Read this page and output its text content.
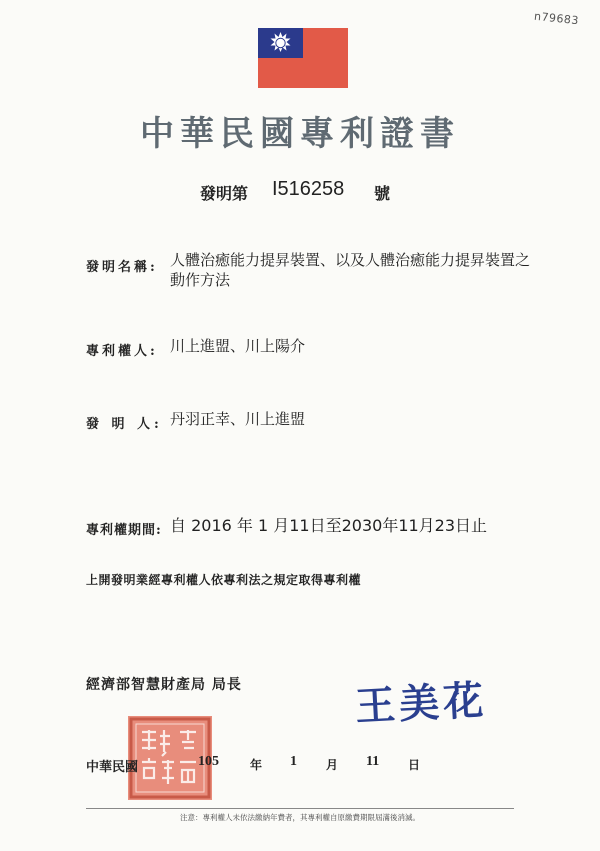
n79683
中華民國專利證書
發明第 I516258 號
發明名稱: 人體治癒能力提昇裝置、以及人體治癒能力提昇裝置之動作方法
專利權人: 川上進盟、川上陽介
發 明 人: 丹羽正幸、川上進盟
專利權期間: 自 2016 年 1 月11日至2030年11月23日止
上開發明業經專利權人依專利法之規定取得專利權
經濟部智慧財產局 局長	王美花
中華民國	105	年 1 月 11 日
注意：專利權人未依法繳納年費者，其專利權自原繳費期限屆滿後消滅。
